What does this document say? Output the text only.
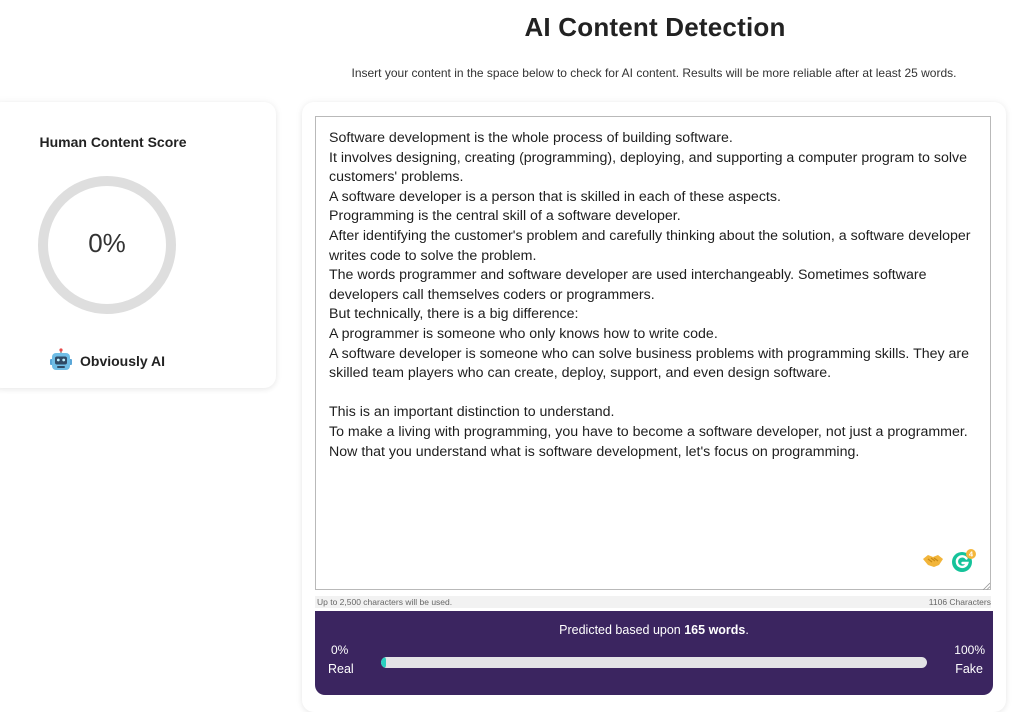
AI Content Detection
Insert your content in the space below to check for AI content. Results will be more reliable after at least 25 words.
Human Content Score
0%
Obviously AI

Software development is the whole process of building software.

It involves designing, creating (programming), deploying, and supporting a computer program to solve customers' problems.

A software developer is a person that is skilled in each of these aspects.

Programming is the central skill of a software developer.

After identifying the customer's problem and carefully thinking about the solution, a software developer writes code to solve the problem.

The words programmer and software developer are used interchangeably. Sometimes software developers call themselves coders or programmers.

But technically, there is a big difference:

A programmer is someone who only knows how to write code.

A software developer is someone who can solve business problems with programming skills. They are skilled team players who can create, deploy, support, and even design software.

This is an important distinction to understand.

To make a living with programming, you have to become a software developer, not just a programmer.

Now that you understand what is software development, let's focus on programming.

4
Up to 2,500 characters will be used.	1106 Characters
Predicted based upon 165 words.
0%
Real
100%
Fake
